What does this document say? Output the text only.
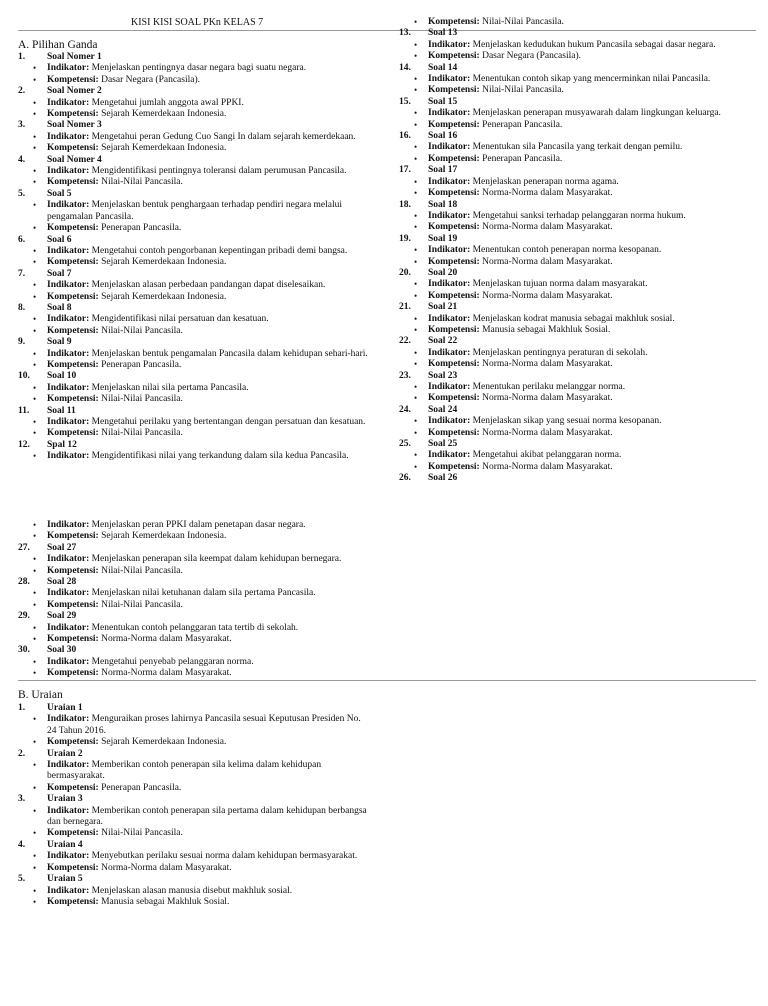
KISI KISI SOAL PKn KELAS 7
A. Pilihan Ganda
1. Soal Nomer 1
• Indikator: Menjelaskan pentingnya dasar negara bagi suatu negara.
• Kompetensi: Dasar Negara (Pancasila).
2. Soal Nomer 2
• Indikator: Mengetahui jumlah anggota awal PPKI.
• Kompetensi: Sejarah Kemerdekaan Indonesia.
3. Soal Nomer 3
• Indikator: Mengetahui peran Gedung Cuo Sangi In dalam sejarah kemerdekaan.
• Kompetensi: Sejarah Kemerdekaan Indonesia.
4. Soal Nomer 4
• Indikator: Mengidentifikasi pentingnya toleransi dalam perumusan Pancasila.
• Kompetensi: Nilai-Nilai Pancasila.
5. Soal 5
• Indikator: Menjelaskan bentuk penghargaan terhadap pendiri negara melalui pengamalan Pancasila.
• Kompetensi: Penerapan Pancasila.
6. Soal 6
• Indikator: Mengetahui contoh pengorbanan kepentingan pribadi demi bangsa.
• Kompetensi: Sejarah Kemerdekaan Indonesia.
7. Soal 7
• Indikator: Menjelaskan alasan perbedaan pandangan dapat diselesaikan.
• Kompetensi: Sejarah Kemerdekaan Indonesia.
8. Soal 8
• Indikator: Mengidentifikasi nilai persatuan dan kesatuan.
• Kompetensi: Nilai-Nilai Pancasila.
9. Soal 9
• Indikator: Menjelaskan bentuk pengamalan Pancasila dalam kehidupan sehari-hari.
• Kompetensi: Penerapan Pancasila.
10. Soal 10
• Indikator: Menjelaskan nilai sila pertama Pancasila.
• Kompetensi: Nilai-Nilai Pancasila.
11. Soal 11
• Indikator: Mengetahui perilaku yang bertentangan dengan persatuan dan kesatuan.
• Kompetensi: Nilai-Nilai Pancasila.
12. Spal 12
• Indikator: Mengidentifikasi nilai yang terkandung dalam sila kedua Pancasila.
• Kompetensi: Nilai-Nilai Pancasila.
13. Soal 13
• Indikator: Menjelaskan kedudukan hukum Pancasila sebagai dasar negara.
• Kompetensi: Dasar Negara (Pancasila).
14. Soal 14
• Indikator: Menentukan contoh sikap yang mencerminkan nilai Pancasila.
• Kompetensi: Nilai-Nilai Pancasila.
15. Soal 15
• Indikator: Menjelaskan penerapan musyawarah dalam lingkungan keluarga.
• Kompetensi: Penerapan Pancasila.
16. Soal 16
• Indikator: Menentukan sila Pancasila yang terkait dengan pemilu.
• Kompetensi: Penerapan Pancasila.
17. Soal 17
• Indikator: Menjelaskan penerapan norma agama.
• Kompetensi: Norma-Norma dalam Masyarakat.
18. Soal 18
• Indikator: Mengetahui sanksi terhadap pelanggaran norma hukum.
• Kompetensi: Norma-Norma dalam Masyarakat.
19. Soal 19
• Indikator: Menentukan contoh penerapan norma kesopanan.
• Kompetensi: Norma-Norma dalam Masyarakat.
20. Soal 20
• Indikator: Menjelaskan tujuan norma dalam masyarakat.
• Kompetensi: Norma-Norma dalam Masyarakat.
21. Soal 21
• Indikator: Menjelaskan kodrat manusia sebagai makhluk sosial.
• Kompetensi: Manusia sebagai Makhluk Sosial.
22. Soal 22
• Indikator: Menjelaskan pentingnya peraturan di sekolah.
• Kompetensi: Norma-Norma dalam Masyarakat.
23. Soal 23
• Indikator: Menentukan perilaku melanggar norma.
• Kompetensi: Norma-Norma dalam Masyarakat.
24. Soal 24
• Indikator: Menjelaskan sikap yang sesuai norma kesopanan.
• Kompetensi: Norma-Norma dalam Masyarakat.
25. Soal 25
• Indikator: Mengetahui akibat pelanggaran norma.
• Kompetensi: Norma-Norma dalam Masyarakat.
26. Soal 26
• Indikator: Menjelaskan peran PPKI dalam penetapan dasar negara.
• Kompetensi: Sejarah Kemerdekaan Indonesia.
27. Soal 27
• Indikator: Menjelaskan penerapan sila keempat dalam kehidupan bernegara.
• Kompetensi: Nilai-Nilai Pancasila.
28. Soal 28
• Indikator: Menjelaskan nilai ketuhanan dalam sila pertama Pancasila.
• Kompetensi: Nilai-Nilai Pancasila.
29. Soal 29
• Indikator: Menentukan contoh pelanggaran tata tertib di sekolah.
• Kompetensi: Norma-Norma dalam Masyarakat.
30. Soal 30
• Indikator: Mengetahui penyebab pelanggaran norma.
• Kompetensi: Norma-Norma dalam Masyarakat.
B. Uraian
1. Uraian 1
• Indikator: Menguraikan proses lahirnya Pancasila sesuai Keputusan Presiden No. 24 Tahun 2016.
• Kompetensi: Sejarah Kemerdekaan Indonesia.
2. Uraian 2
• Indikator: Memberikan contoh penerapan sila kelima dalam kehidupan bermasyarakat.
• Kompetensi: Penerapan Pancasila.
3. Uraian 3
• Indikator: Memberikan contoh penerapan sila pertama dalam kehidupan berbangsa dan bernegara.
• Kompetensi: Nilai-Nilai Pancasila.
4. Uraian 4
• Indikator: Menyebutkan perilaku sesuai norma dalam kehidupan bermasyarakat.
• Kompetensi: Norma-Norma dalam Masyarakat.
5. Uraian 5
• Indikator: Menjelaskan alasan manusia disebut makhluk sosial.
• Kompetensi: Manusia sebagai Makhluk Sosial.
